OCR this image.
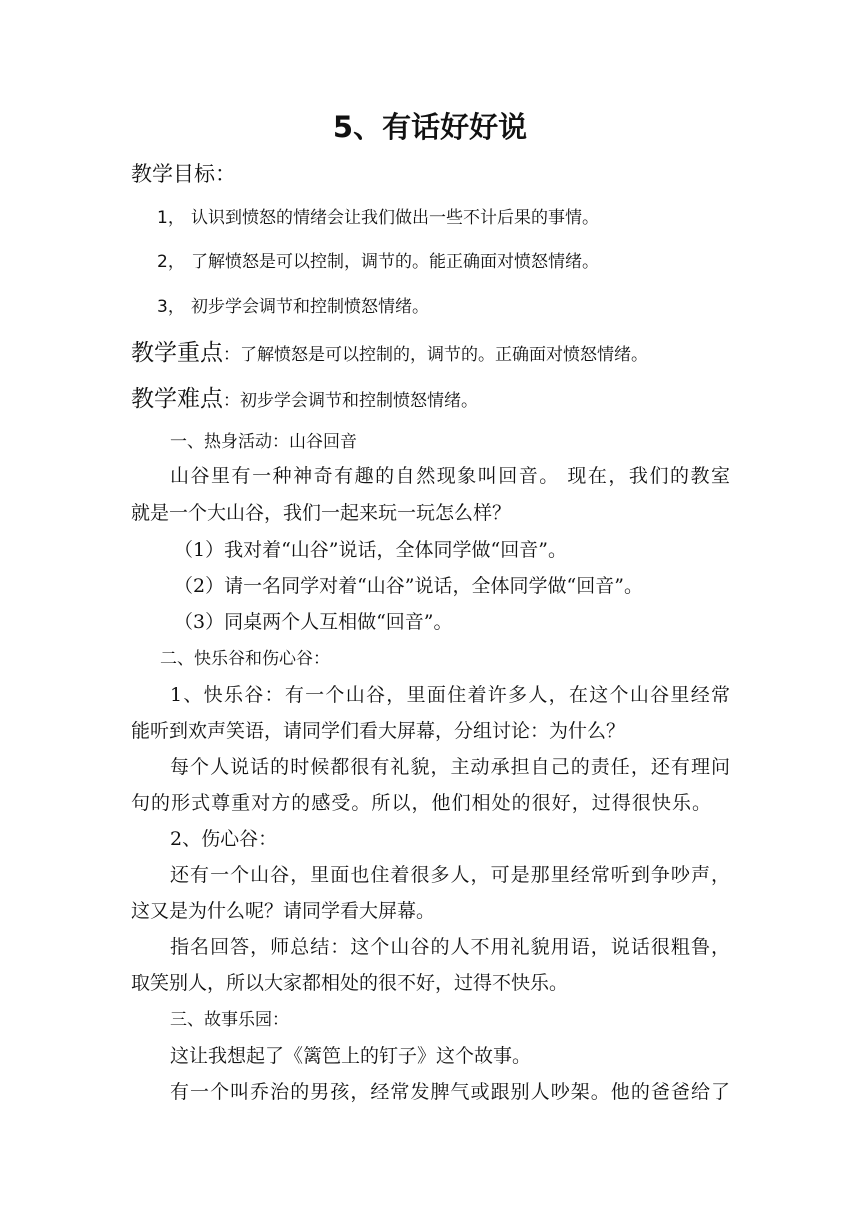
5、有话好好说
教学目标：
1， 认识到愤怒的情绪会让我们做出一些不计后果的事情。
2， 了解愤怒是可以控制，调节的。能正确面对愤怒情绪。
3， 初步学会调节和控制愤怒情绪。
教学重点：了解愤怒是可以控制的，调节的。正确面对愤怒情绪。
教学难点：初步学会调节和控制愤怒情绪。
一、热身活动：山谷回音
山谷里有一种神奇有趣的自然现象叫回音。 现在，我们的教室
就是一个大山谷，我们一起来玩一玩怎么样？
（1）我对着“山谷”说话，全体同学做“回音”。
（2）请一名同学对着“山谷”说话，全体同学做“回音”。
（3）同桌两个人互相做“回音”。
二、快乐谷和伤心谷：
1、快乐谷：有一个山谷，里面住着许多人，在这个山谷里经常
能听到欢声笑语，请同学们看大屏幕，分组讨论：为什么？
每个人说话的时候都很有礼貌，主动承担自己的责任，还有理问
句的形式尊重对方的感受。所以，他们相处的很好，过得很快乐。
2、伤心谷：
还有一个山谷，里面也住着很多人，可是那里经常听到争吵声，
这又是为什么呢？请同学看大屏幕。
指名回答，师总结：这个山谷的人不用礼貌用语，说话很粗鲁，
取笑别人，所以大家都相处的很不好，过得不快乐。
三、故事乐园：
这让我想起了《篱笆上的钉子》这个故事。
有一个叫乔治的男孩，经常发脾气或跟别人吵架。他的爸爸给了
